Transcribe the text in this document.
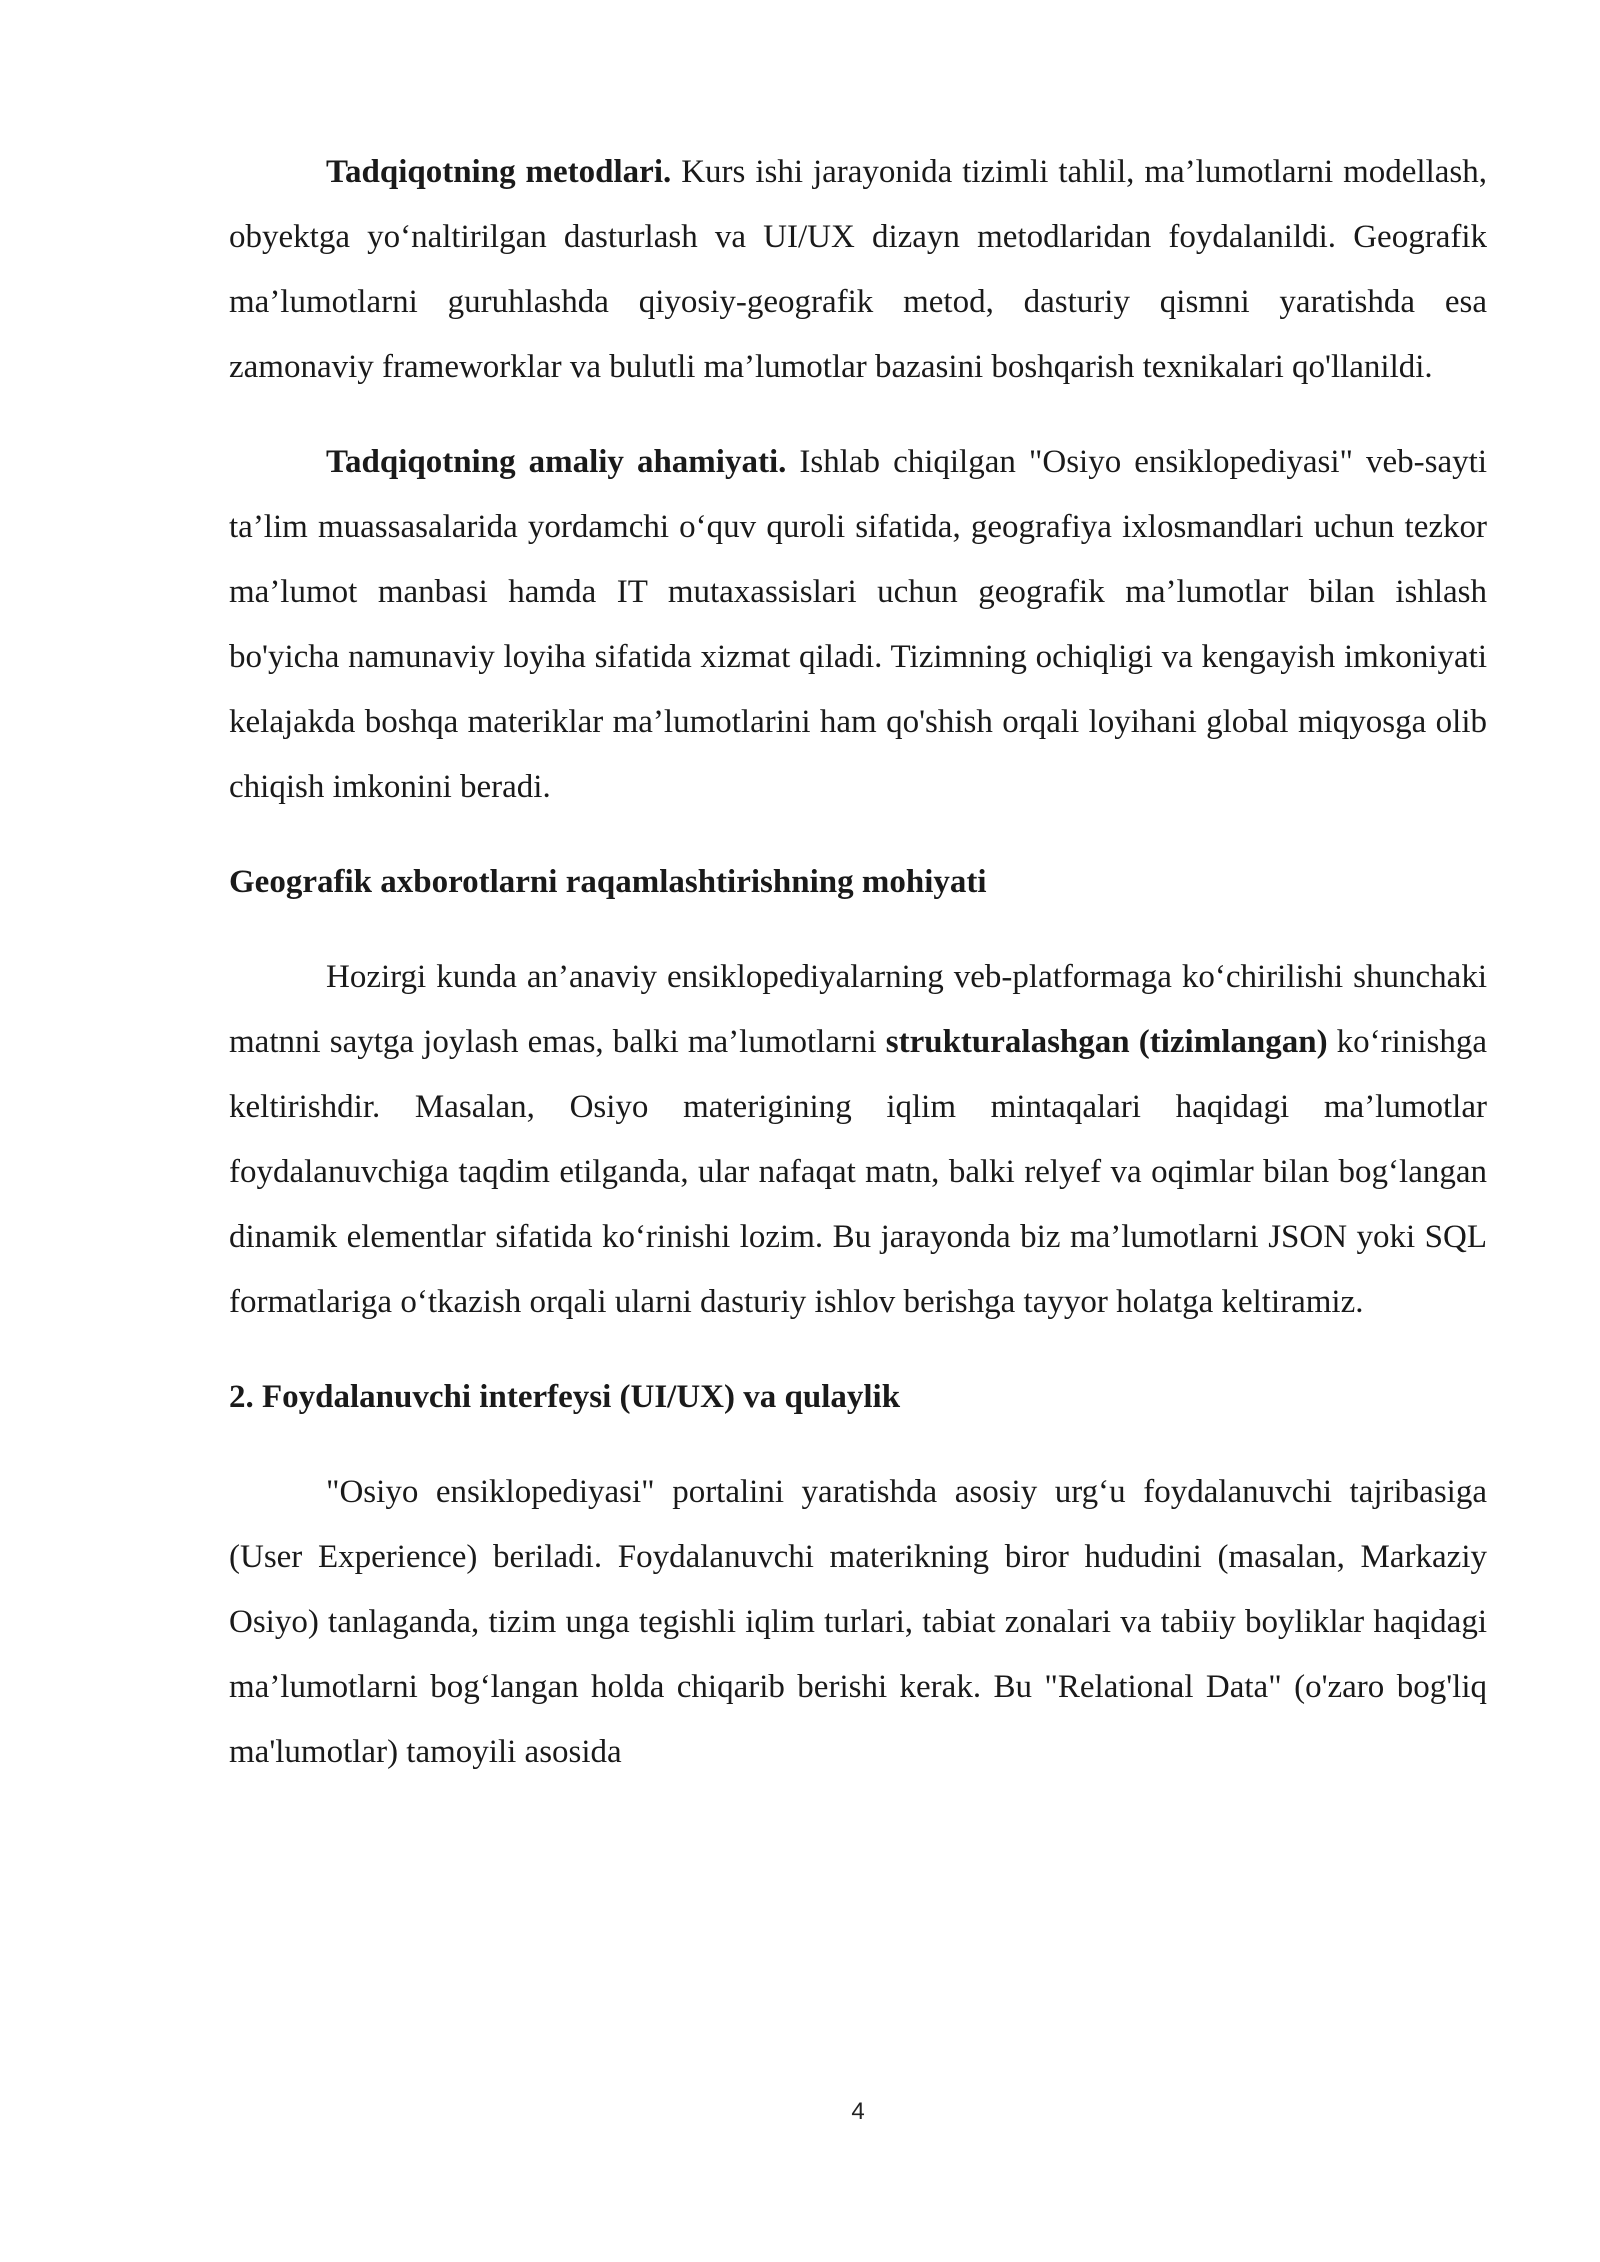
Tadqiqotning metodlari. Kurs ishi jarayonida tizimli tahlil, ma’lumotlarni modellash, obyektga yo‘naltirilgan dasturlash va UI/UX dizayn metodlaridan foydalanildi. Geografik ma’lumotlarni guruhlashda qiyosiy-geografik metod, dasturiy qismni yaratishda esa zamonaviy frameworklar va bulutli ma’lumotlar bazasini boshqarish texnikalari qo'llanildi.

Tadqiqotning amaliy ahamiyati. Ishlab chiqilgan "Osiyo ensiklopediyasi" veb-sayti ta’lim muassasalarida yordamchi o‘quv quroli sifatida, geografiya ixlosmandlari uchun tezkor ma’lumot manbasi hamda IT mutaxassislari uchun geografik ma’lumotlar bilan ishlash bo'yicha namunaviy loyiha sifatida xizmat qiladi. Tizimning ochiqligi va kengayish imkoniyati kelajakda boshqa materiklar ma’lumotlarini ham qo'shish orqali loyihani global miqyosga olib chiqish imkonini beradi.

Geografik axborotlarni raqamlashtirishning mohiyati

Hozirgi kunda an’anaviy ensiklopediyalarning veb-platformaga ko‘chirilishi shunchaki matnni saytga joylash emas, balki ma’lumotlarni strukturalashgan (tizimlangan) ko‘rinishga keltirishdir. Masalan, Osiyo materigining iqlim mintaqalari haqidagi ma’lumotlar foydalanuvchiga taqdim etilganda, ular nafaqat matn, balki relyef va oqimlar bilan bog‘langan dinamik elementlar sifatida ko‘rinishi lozim. Bu jarayonda biz ma’lumotlarni JSON yoki SQL formatlariga o‘tkazish orqali ularni dasturiy ishlov berishga tayyor holatga keltiramiz.

2. Foydalanuvchi interfeysi (UI/UX) va qulaylik

"Osiyo ensiklopediyasi" portalini yaratishda asosiy urg‘u foydalanuvchi tajribasiga (User Experience) beriladi. Foydalanuvchi materikning biror hududini (masalan, Markaziy Osiyo) tanlaganda, tizim unga tegishli iqlim turlari, tabiat zonalari va tabiiy boyliklar haqidagi ma’lumotlarni bog‘langan holda chiqarib berishi kerak. Bu "Relational Data" (o'zaro bog'liq ma'lumotlar) tamoyili asosida

4
